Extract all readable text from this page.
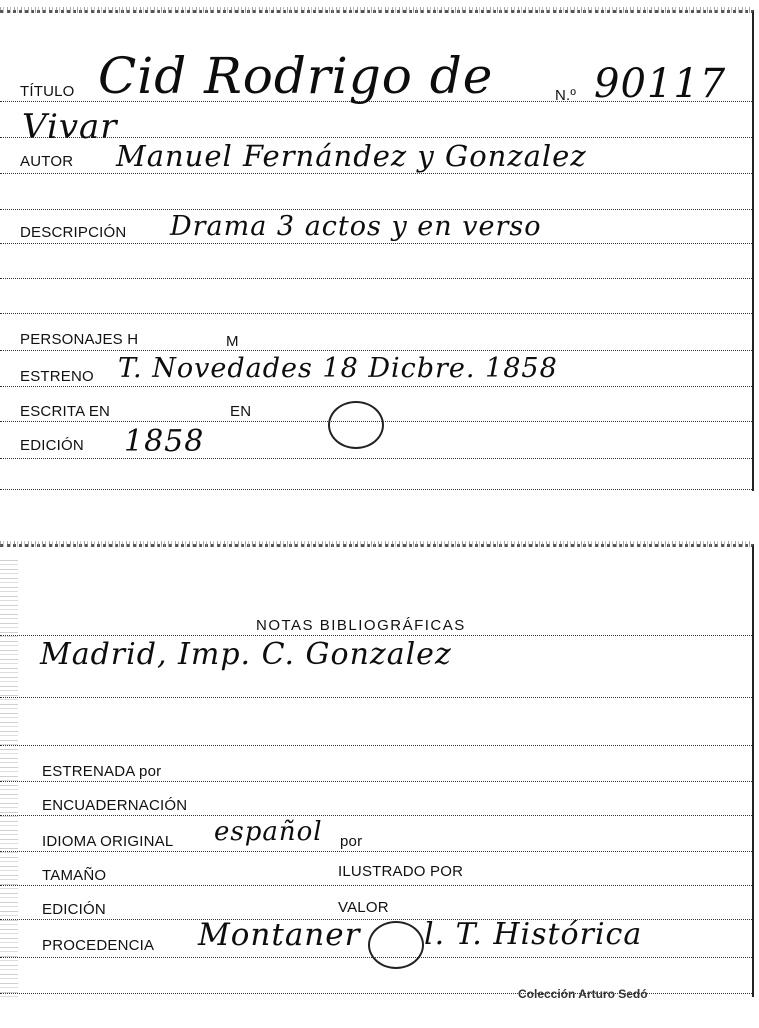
TÍTULO Cid Rodrigo de	N.º 90117
Vivar
AUTOR Manuel Fernández y Gonzalez
DESCRIPCIÓN Drama 3 actos y en verso
PERSONAJES H	M
ESTRENO T. Novedades 18 Dicbre. 1858
ESCRITA EN	EN
EDICIÓN 1858
NOTAS BIBLIOGRÁFICAS
Madrid, Imp. C. Gonzalez
ESTRENADA por
ENCUADERNACIÓN
IDIOMA ORIGINAL español por
TAMAÑO	ILUSTRADO POR
EDICIÓN	VALOR
PROCEDENCIA Montaner l. T. Histórica
Colección Arturo Sedó
